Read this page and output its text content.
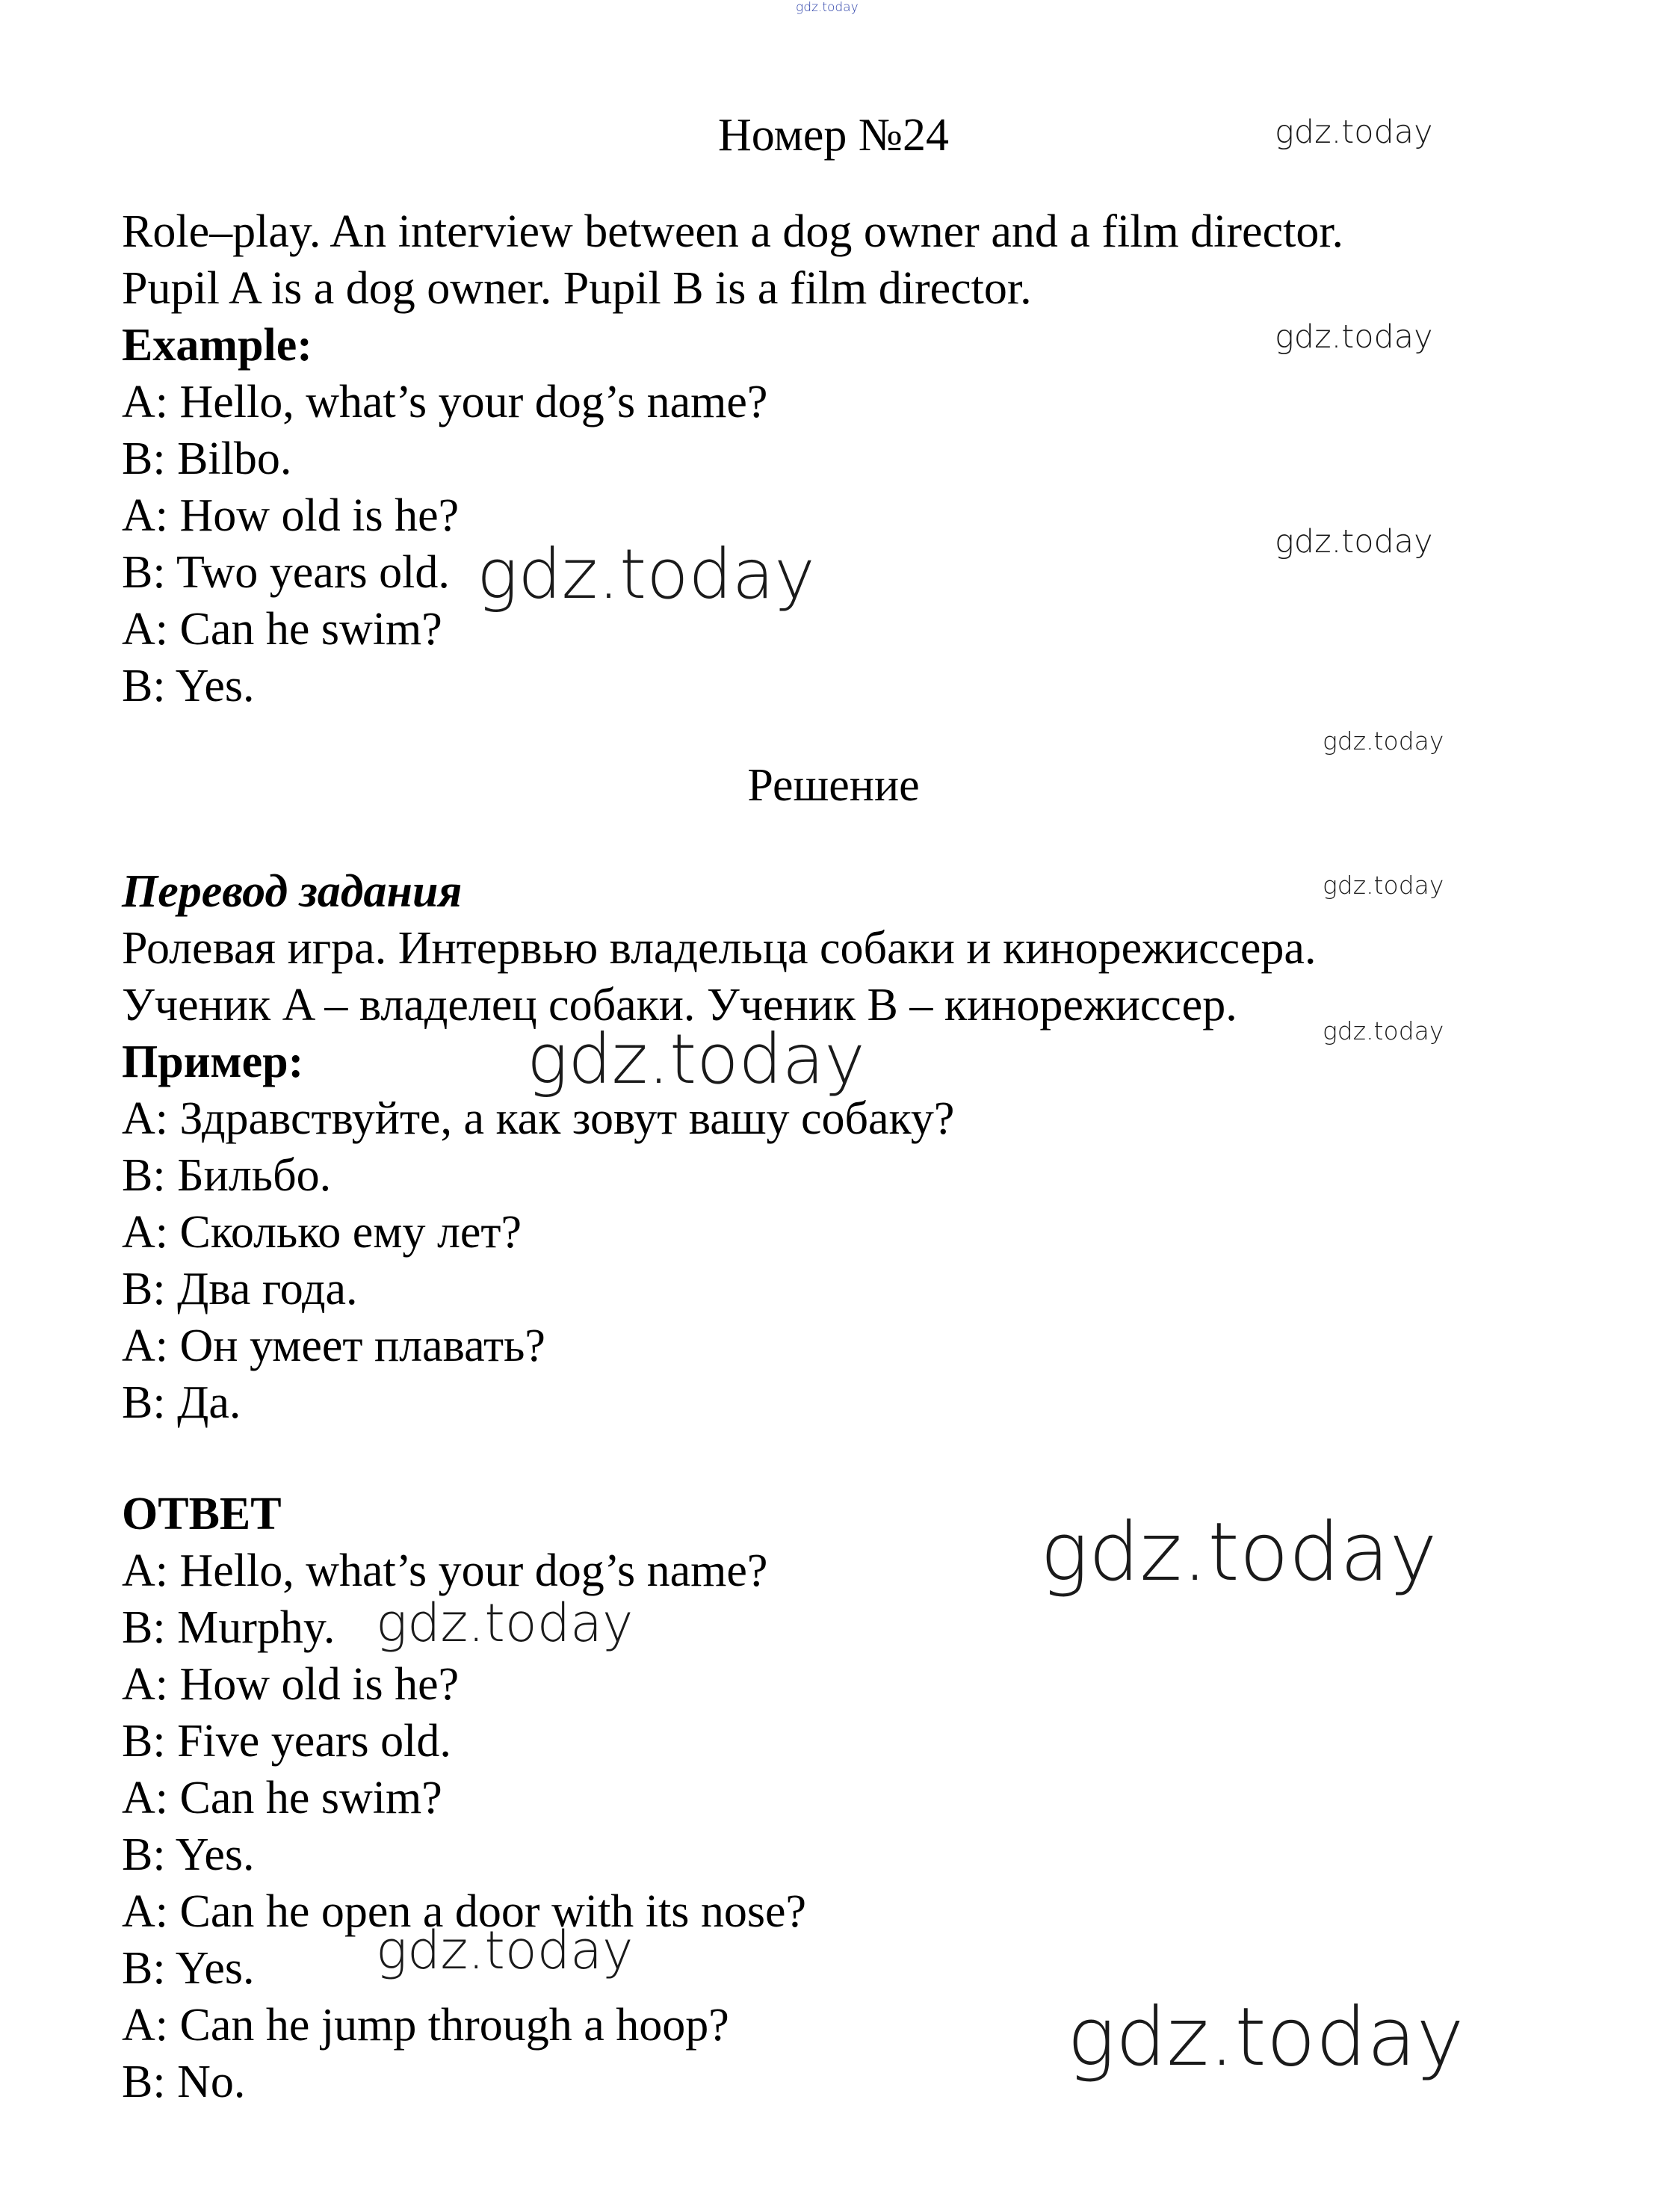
gdz.today
gdz.today
gdz.today
gdz.today
gdz.today
gdz.today
gdz.today
Номер №24
Role–play. An interview between a dog owner and a film director.
Pupil A is a dog owner. Pupil B is a film director.
Example:
A: Hello, what’s your dog’s name?
B: Bilbo.
A: How old is he?
B: Two years old.
A: Can he swim?
B: Yes.
Решение
Перевод задания
Ролевая игра. Интервью владельца собаки и кинорежиссера.
Ученик A – владелец собаки. Ученик B – кинорежиссер.
Пример:
A: Здравствуйте, а как зовут вашу собаку?
B: Бильбо.
A: Сколько ему лет?
B: Два года.
A: Он умеет плавать?
B: Да.
ОТВЕТ
A: Hello, what’s your dog’s name?
B: Murphy.
A: How old is he?
B: Five years old.
A: Can he swim?
B: Yes.
A: Can he open a door with its nose?
B: Yes.
A: Can he jump through a hoop?
B: No.
gdz.today
gdz.today
gdz.today
gdz.today
gdz.today
gdz.today
